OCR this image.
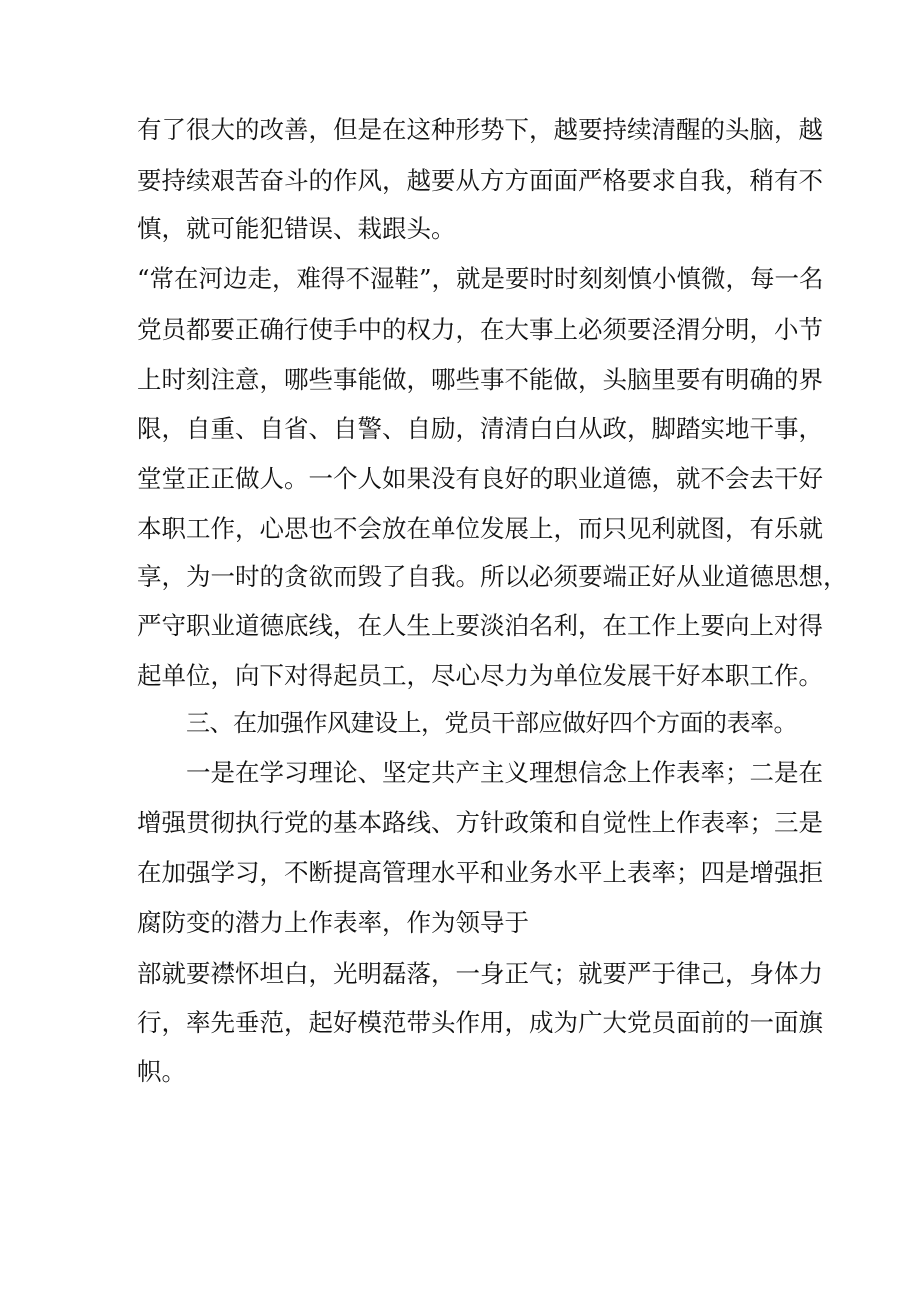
有了很大的改善，但是在这种形势下，越要持续清醒的头脑，越
要持续艰苦奋斗的作风，越要从方方面面严格要求自我，稍有不
慎，就可能犯错误、栽跟头。
“常在河边走，难得不湿鞋”，就是要时时刻刻慎小慎微，每一名
党员都要正确行使手中的权力，在大事上必须要泾渭分明，小节
上时刻注意，哪些事能做，哪些事不能做，头脑里要有明确的界
限，自重、自省、自警、自励，清清白白从政，脚踏实地干事，
堂堂正正做人。一个人如果没有良好的职业道德，就不会去干好
本职工作，心思也不会放在单位发展上，而只见利就图，有乐就
享，为一时的贪欲而毁了自我。所以必须要端正好从业道德思想，
严守职业道德底线，在人生上要淡泊名利，在工作上要向上对得
起单位，向下对得起员工，尽心尽力为单位发展干好本职工作。
三、在加强作风建设上，党员干部应做好四个方面的表率。
一是在学习理论、坚定共产主义理想信念上作表率；二是在
增强贯彻执行党的基本路线、方针政策和自觉性上作表率；三是
在加强学习，不断提高管理水平和业务水平上表率；四是增强拒
腐防变的潜力上作表率，作为领导于
部就要襟怀坦白，光明磊落，一身正气；就要严于律己，身体力
行，率先垂范，起好模范带头作用，成为广大党员面前的一面旗
帜。
